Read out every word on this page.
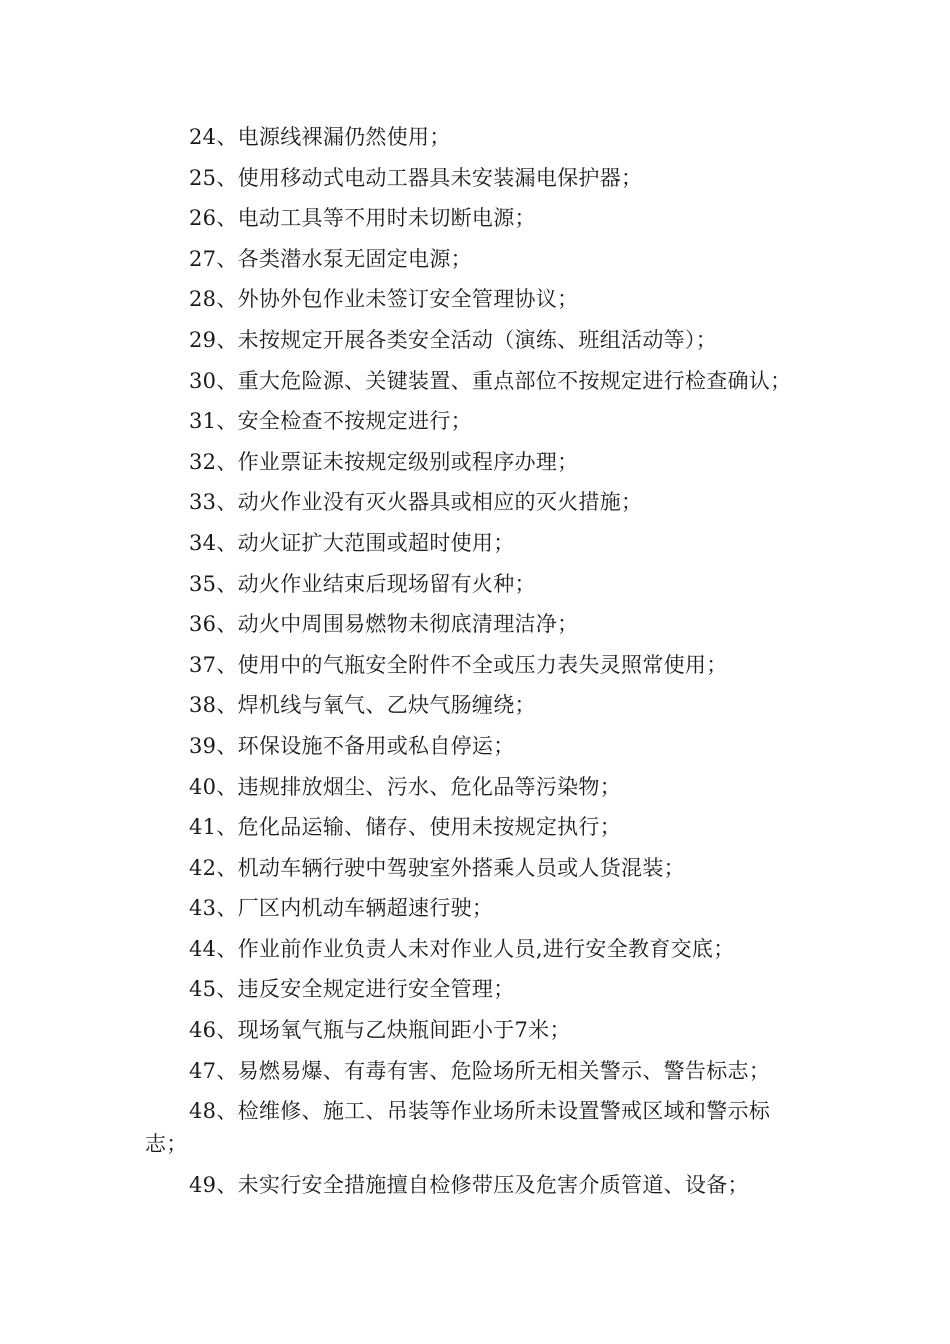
24、电源线裸漏仍然使用；

25、使用移动式电动工器具未安装漏电保护器；

26、电动工具等不用时未切断电源；

27、各类潜水泵无固定电源；

28、外协外包作业未签订安全管理协议；

29、未按规定开展各类安全活动（演练、班组活动等）；

30、重大危险源、关键装置、重点部位不按规定进行检查确认；

31、安全检查不按规定进行；

32、作业票证未按规定级别或程序办理；

33、动火作业没有灭火器具或相应的灭火措施；

34、动火证扩大范围或超时使用；

35、动火作业结束后现场留有火种；

36、动火中周围易燃物未彻底清理洁净；

37、使用中的气瓶安全附件不全或压力表失灵照常使用；

38、焊机线与氧气、乙炔气肠缠绕；

39、环保设施不备用或私自停运；

40、违规排放烟尘、污水、危化品等污染物；

41、危化品运输、储存、使用未按规定执行；

42、机动车辆行驶中驾驶室外搭乘人员或人货混装；

43、厂区内机动车辆超速行驶；

44、作业前作业负责人未对作业人员,进行安全教育交底；

45、违反安全规定进行安全管理；

46、现场氧气瓶与乙炔瓶间距小于7米；

47、易燃易爆、有毒有害、危险场所无相关警示、警告标志；

48、检维修、施工、吊装等作业场所未设置警戒区域和警示标志；

49、未实行安全措施擅自检修带压及危害介质管道、设备；
